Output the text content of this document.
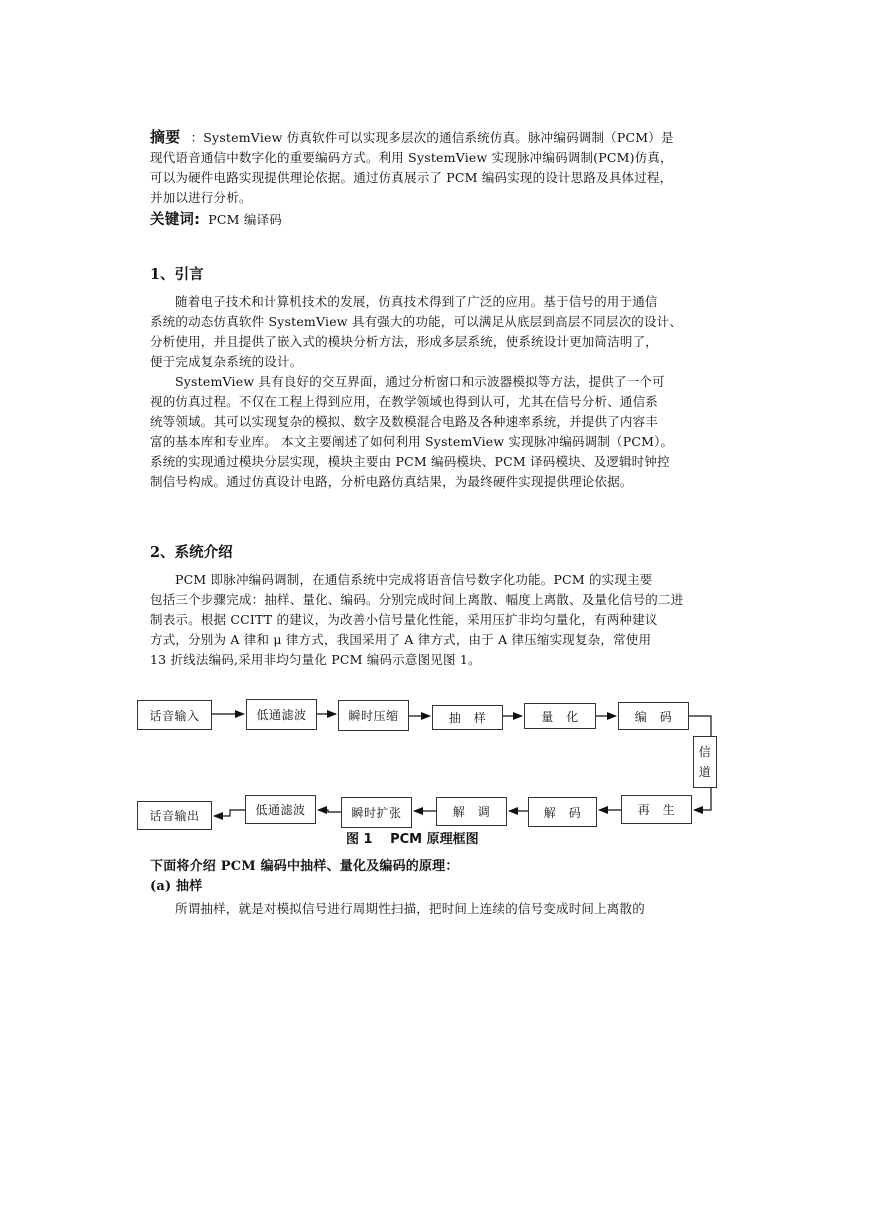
摘要 ：SystemView 仿真软件可以实现多层次的通信系统仿真。脉冲编码调制（PCM）是
现代语音通信中数字化的重要编码方式。利用 SystemView 实现脉冲编码调制(PCM)仿真，
可以为硬件电路实现提供理论依据。通过仿真展示了 PCM 编码实现的设计思路及具体过程，
并加以进行分析。
关键词: PCM 编译码
1、引言
随着电子技术和计算机技术的发展，仿真技术得到了广泛的应用。基于信号的用于通信
系统的动态仿真软件 SystemView 具有强大的功能，可以满足从底层到高层不同层次的设计、
分析使用，并且提供了嵌入式的模块分析方法，形成多层系统，使系统设计更加简洁明了，
便于完成复杂系统的设计。
SystemView 具有良好的交互界面，通过分析窗口和示波器模拟等方法，提供了一个可
视的仿真过程。不仅在工程上得到应用，在教学领域也得到认可，尤其在信号分析、通信系
统等领域。其可以实现复杂的模拟、数字及数模混合电路及各种速率系统，并提供了内容丰
富的基本库和专业库。 本文主要阐述了如何利用 SystemView 实现脉冲编码调制（PCM）。
系统的实现通过模块分层实现，模块主要由 PCM 编码模块、PCM 译码模块、及逻辑时钟控
制信号构成。通过仿真设计电路，分析电路仿真结果，为最终硬件实现提供理论依据。
2、系统介绍
PCM 即脉冲编码调制，在通信系统中完成将语音信号数字化功能。PCM 的实现主要
包括三个步骤完成：抽样、量化、编码。分别完成时间上离散、幅度上离散、及量化信号的二进
制表示。根据 CCITT 的建议，为改善小信号量化性能，采用压扩非均匀量化，有两种建议
方式，分别为 A 律和 μ 律方式，我国采用了 A 律方式，由于 A 律压缩实现复杂，常使用
13 折线法编码,采用非均匀量化 PCM 编码示意图见图 1。
话音输入	低通滤波	瞬时压缩	抽　样	量　化	编　码
信
道
再　生
解　码
解　调
瞬时扩张
低通滤波
话音输出
图 1　 PCM 原理框图
下面将介绍 PCM 编码中抽样、量化及编码的原理：
(a) 抽样
所谓抽样，就是对模拟信号进行周期性扫描，把时间上连续的信号变成时间上离散的
